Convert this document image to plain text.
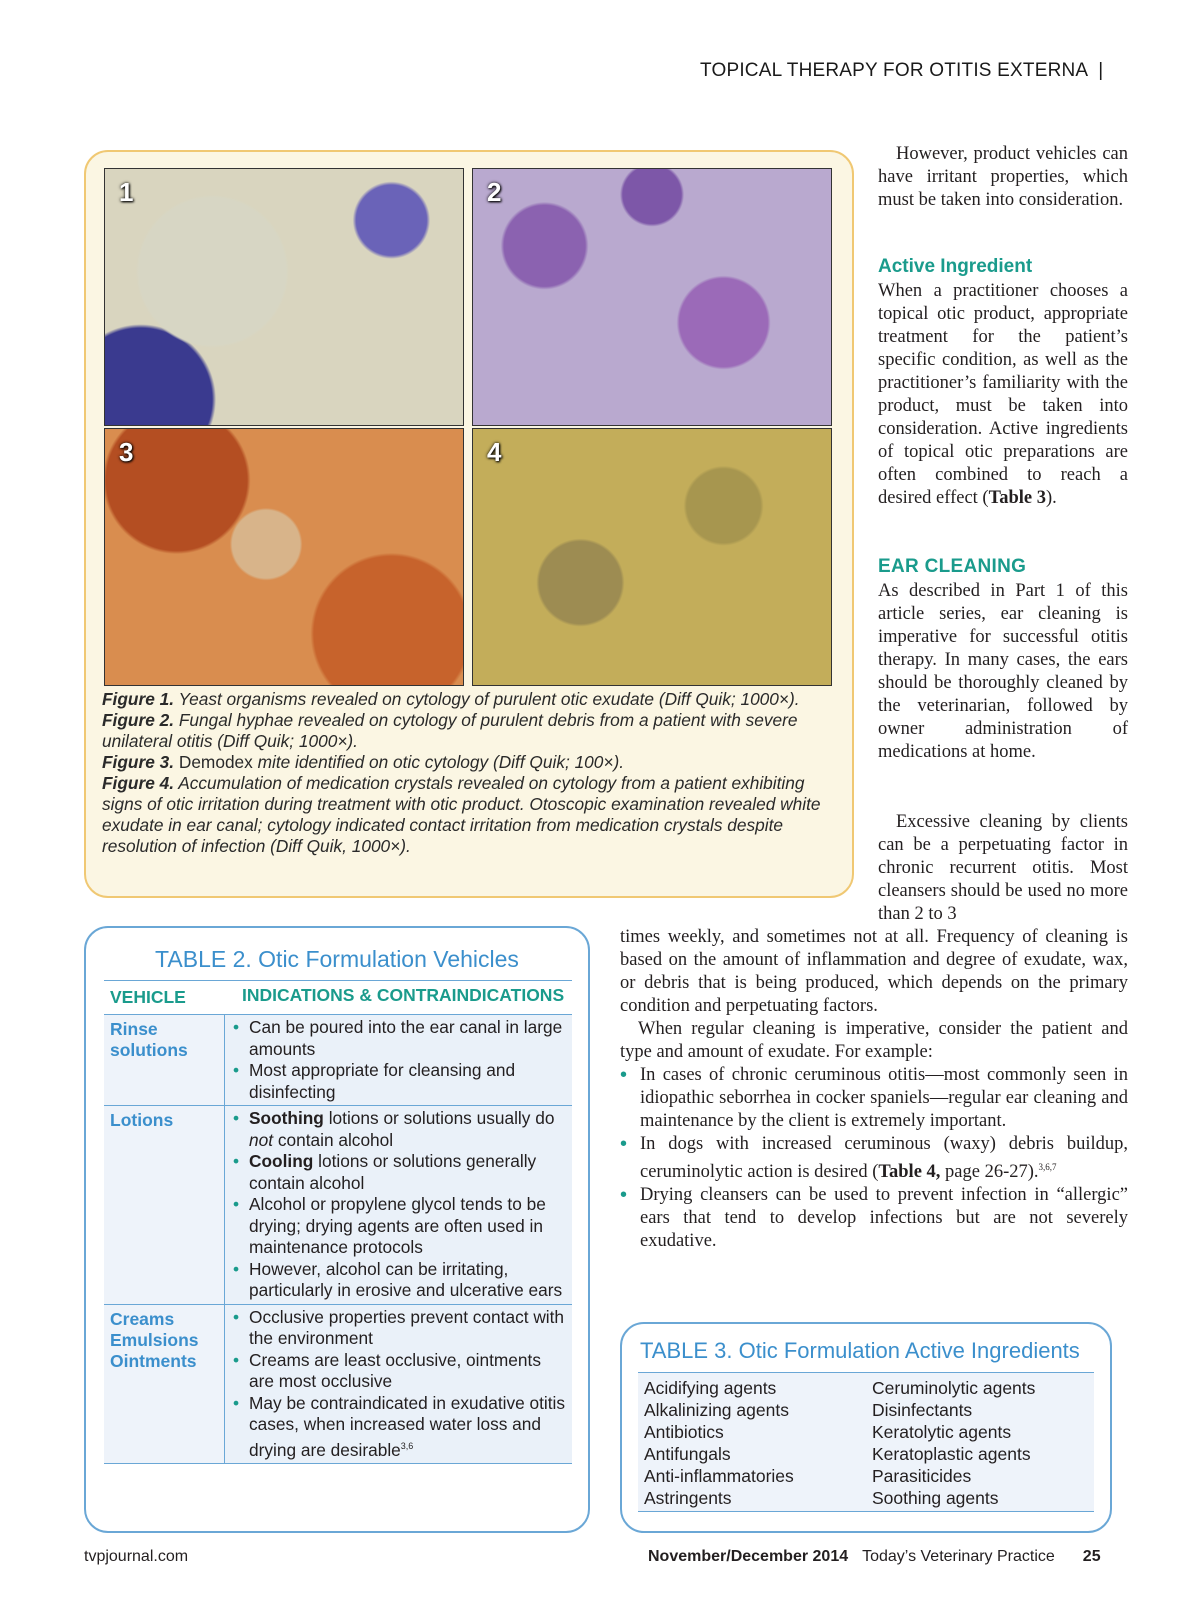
TOPICAL THERAPY FOR OTITIS EXTERNA |
1	2
3	4
Figure 1. Yeast organisms revealed on cytology of purulent otic exudate (Diff Quik; 1000×).
Figure 2. Fungal hyphae revealed on cytology of purulent debris from a patient with severe unilateral otitis (Diff Quik; 1000×).
Figure 3. Demodex mite identified on otic cytology (Diff Quik; 100×).
Figure 4. Accumulation of medication crystals revealed on cytology from a patient exhibiting signs of otic irritation during treatment with otic product. Otoscopic examination revealed white exudate in ear canal; cytology indicated contact irritation from medication crystals despite resolution of infection (Diff Quik, 1000×).
However, product vehicles can have irritant properties, which must be taken into consideration.
Active Ingredient
When a practitioner chooses a topical otic product, appropriate treatment for the patient’s specific condition, as well as the practitioner’s familiarity with the product, must be taken into consideration. Active ingredients of topical otic preparations are often combined to reach a desired effect (Table 3).
EAR CLEANING
As described in Part 1 of this article series, ear cleaning is imperative for successful otitis therapy. In many cases, the ears should be thoroughly cleaned by the veterinarian, followed by owner administration of medications at home.
Excessive cleaning by clients can be a perpetuating factor in chronic recurrent otitis. Most cleansers should be used no more than 2 to 3
times weekly, and sometimes not at all. Frequency of cleaning is based on the amount of inflammation and degree of exudate, wax, or debris that is being produced, which depends on the primary condition and perpetuating factors.
When regular cleaning is imperative, consider the patient and type and amount of exudate. For example:
• In cases of chronic ceruminous otitis—most commonly seen in idiopathic seborrhea in cocker spaniels—regular ear cleaning and maintenance by the client is extremely important.
• In dogs with increased ceruminous (waxy) debris buildup, ceruminolytic action is desired (Table 4, page 26-27).$^{3,6,7}$
• Drying cleansers can be used to prevent infection in “allergic” ears that tend to develop infections but are not severely exudative.
TABLE 2. Otic Formulation Vehicles
VEHICLE	INDICATIONS & CONTRAINDICATIONS
Rinse
solutions
• Can be poured into the ear canal in large amounts
• Most appropriate for cleansing and disinfecting
Lotions
•	Soothing lotions or solutions usually do not contain alcohol
• Cooling lotions or solutions generally contain alcohol
• Alcohol or propylene glycol tends to be drying; drying agents are often used in maintenance protocols
• However, alcohol can be irritating, particularly in erosive and ulcerative ears
Creams
Emulsions
Ointments
• Occlusive properties prevent contact with the environment
• Creams are least occlusive, ointments are most occlusive
• May be contraindicated in exudative otitis cases, when increased water loss and drying are desirable$^{3,6}$
TABLE 3. Otic Formulation Active Ingredients
Acidifying agents
Alkalinizing agents
Antibiotics
Antifungals
Anti-inflammatories
Astringents
Ceruminolytic agents
Disinfectants
Keratolytic agents
Keratoplastic agents
Parasiticides
Soothing agents
tvpjournal.com	November/December 2014 Today’s Veterinary Practice 25
